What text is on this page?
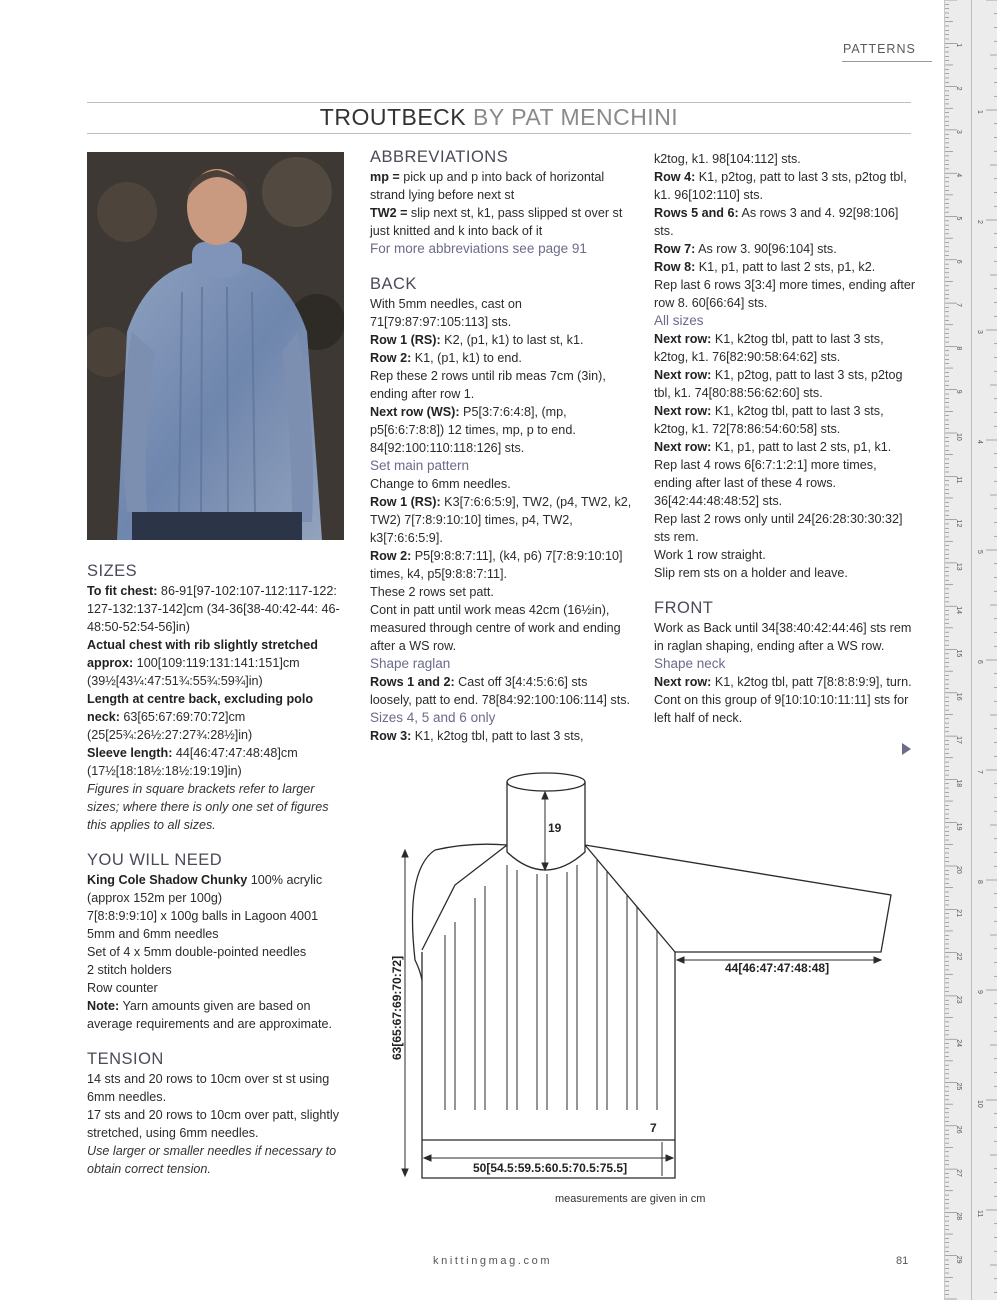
PATTERNS
TROUTBECK BY PAT MENCHINI
SIZES

To fit chest: 86-91[97-102:107-112:117-122: 127-132:137-142]cm (34-36[38-40:42-44: 46-48:50-52:54-56]in)

Actual chest with rib slightly stretched approx: 100[109:119:131:141:151]cm (39½[43¼:47:51¾:55¾:59¾]in)

Length at centre back, excluding polo neck: 63[65:67:69:70:72]cm (25[25¾:26½:27:27¾:28½]in)

Sleeve length: 44[46:47:47:48:48]cm (17½[18:18½:18½:19:19]in)

Figures in square brackets refer to larger sizes; where there is only one set of figures this applies to all sizes.

YOU WILL NEED

King Cole Shadow Chunky 100% acrylic (approx 152m per 100g)

7[8:8:9:9:10] x 100g balls in Lagoon 4001

5mm and 6mm needles

Set of 4 x 5mm double-pointed needles

2 stitch holders

Row counter

Note: Yarn amounts given are based on average requirements and are approximate.

TENSION

14 sts and 20 rows to 10cm over st st using 6mm needles.

17 sts and 20 rows to 10cm over patt, slightly stretched, using 6mm needles.

Use larger or smaller needles if necessary to obtain correct tension.

ABBREVIATIONS

mp = pick up and p into back of horizontal strand lying before next st

TW2 = slip next st, k1, pass slipped st over st just knitted and k into back of it

For more abbreviations see page 91

BACK

With 5mm needles, cast on 71[79:87:97:105:113] sts.

Row 1 (RS): K2, (p1, k1) to last st, k1.

Row 2: K1, (p1, k1) to end.

Rep these 2 rows until rib meas 7cm (3in), ending after row 1.

Next row (WS): P5[3:7:6:4:8], (mp, p5[6:6:7:8:8]) 12 times, mp, p to end. 84[92:100:110:118:126] sts.

Set main pattern

Change to 6mm needles.

Row 1 (RS): K3[7:6:6:5:9], TW2, (p4, TW2, k2, TW2) 7[7:8:9:10:10] times, p4, TW2, k3[7:6:6:5:9].

Row 2: P5[9:8:8:7:11], (k4, p6) 7[7:8:9:10:10] times, k4, p5[9:8:8:7:11].

These 2 rows set patt.

Cont in patt until work meas 42cm (16½in), measured through centre of work and ending after a WS row.

Shape raglan

Rows 1 and 2: Cast off 3[4:4:5:6:6] sts loosely, patt to end. 78[84:92:100:106:114] sts.

Sizes 4, 5 and 6 only

Row 3: K1, k2tog tbl, patt to last 3 sts,

k2tog, k1. 98[104:112] sts.

Row 4: K1, p2tog, patt to last 3 sts, p2tog tbl, k1. 96[102:110] sts.

Rows 5 and 6: As rows 3 and 4. 92[98:106] sts.

Row 7: As row 3. 90[96:104] sts.

Row 8: K1, p1, patt to last 2 sts, p1, k2.

Rep last 6 rows 3[3:4] more times, ending after row 8. 60[66:64] sts.

All sizes

Next row: K1, k2tog tbl, patt to last 3 sts, k2tog, k1. 76[82:90:58:64:62] sts.

Next row: K1, p2tog, patt to last 3 sts, p2tog tbl, k1. 74[80:88:56:62:60] sts.

Next row: K1, k2tog tbl, patt to last 3 sts, k2tog, k1. 72[78:86:54:60:58] sts.

Next row: K1, p1, patt to last 2 sts, p1, k1.

Rep last 4 rows 6[6:7:1:2:1] more times, ending after last of these 4 rows. 36[42:44:48:48:52] sts.

Rep last 2 rows only until 24[26:28:30:30:32] sts rem.

Work 1 row straight.

Slip rem sts on a holder and leave.

FRONT

Work as Back until 34[38:40:42:44:46] sts rem in raglan shaping, ending after a WS row.

Shape neck

Next row: K1, k2tog tbl, patt 7[8:8:8:9:9], turn.

Cont on this group of 9[10:10:10:11:11] sts for left half of neck.

19
63[65:67:69:70:72]	44[46:47:47:48:48]
7
50[54.5:59.5:60.5:70.5:75.5]
measurements are given in cm
knittingmag.com	81
1
2
3
4
5
6
7
8
9
10
11
12
13
14
15
16
17
18
19
20
21
22
23
24
25
26
27
28
29
1
2
3
4
5
6
7
8
9
10
11
